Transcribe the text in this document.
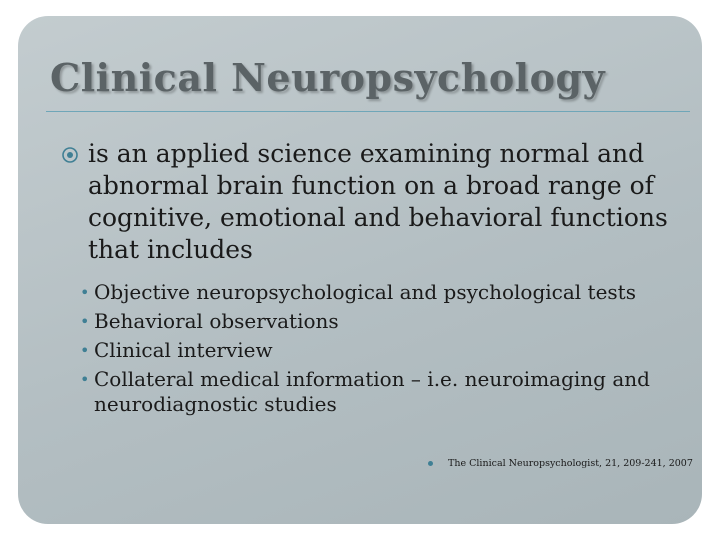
Clinical Neuropsychology
is an applied science examining normal and abnormal brain function on a broad range of cognitive, emotional and behavioral functions that includes
• Objective neuropsychological and psychological tests
• Behavioral observations
• Clinical interview
• Collateral medical information – i.e. neuroimaging and neurodiagnostic studies
The Clinical Neuropsychologist, 21, 209-241, 2007
